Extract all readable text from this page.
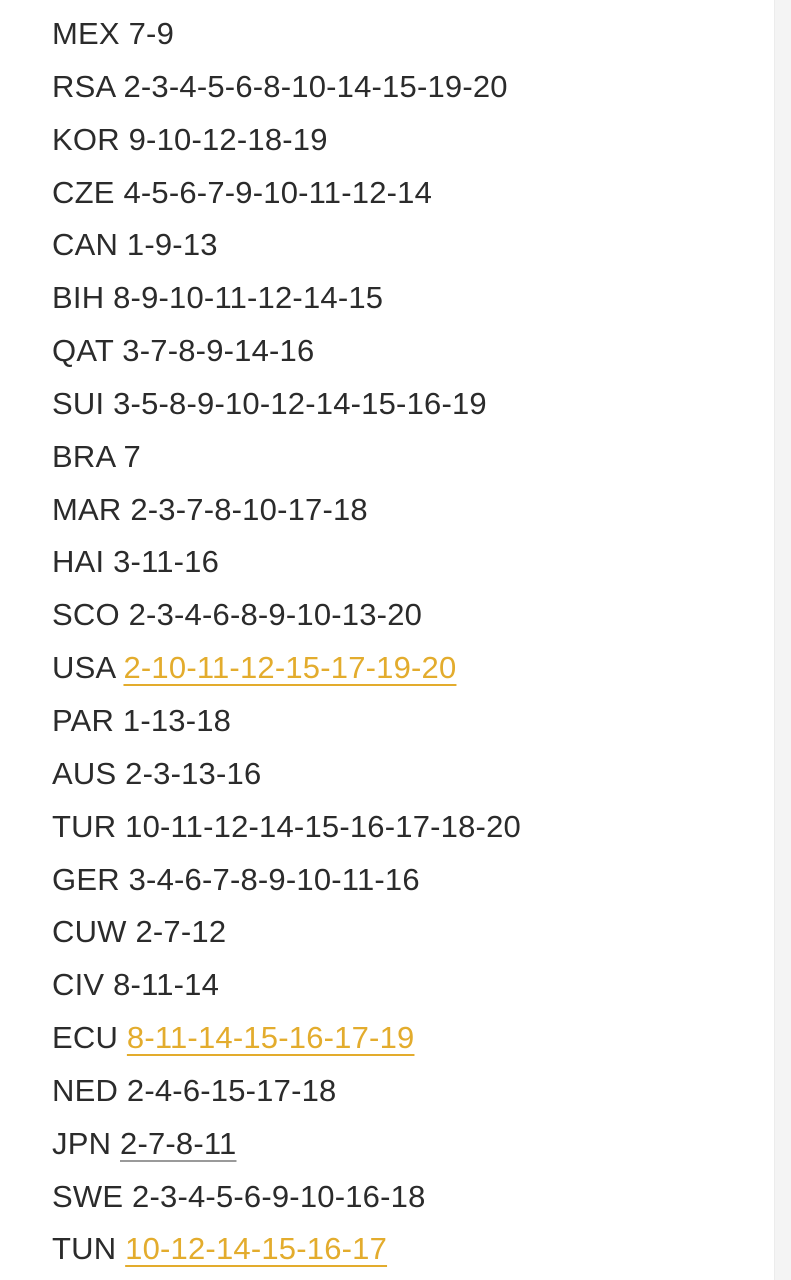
MEX 7-9
RSA 2-3-4-5-6-8-10-14-15-19-20
KOR 9-10-12-18-19
CZE 4-5-6-7-9-10-11-12-14
CAN 1-9-13
BIH 8-9-10-11-12-14-15
QAT 3-7-8-9-14-16
SUI 3-5-8-9-10-12-14-15-16-19
BRA 7
MAR 2-3-7-8-10-17-18
HAI 3-11-16
SCO 2-3-4-6-8-9-10-13-20
USA 2-10-11-12-15-17-19-20
PAR 1-13-18
AUS 2-3-13-16
TUR 10-11-12-14-15-16-17-18-20
GER 3-4-6-7-8-9-10-11-16
CUW 2-7-12
CIV 8-11-14
ECU 8-11-14-15-16-17-19
NED 2-4-6-15-17-18
JPN 2-7-8-11
SWE 2-3-4-5-6-9-10-16-18
TUN 10-12-14-15-16-17
